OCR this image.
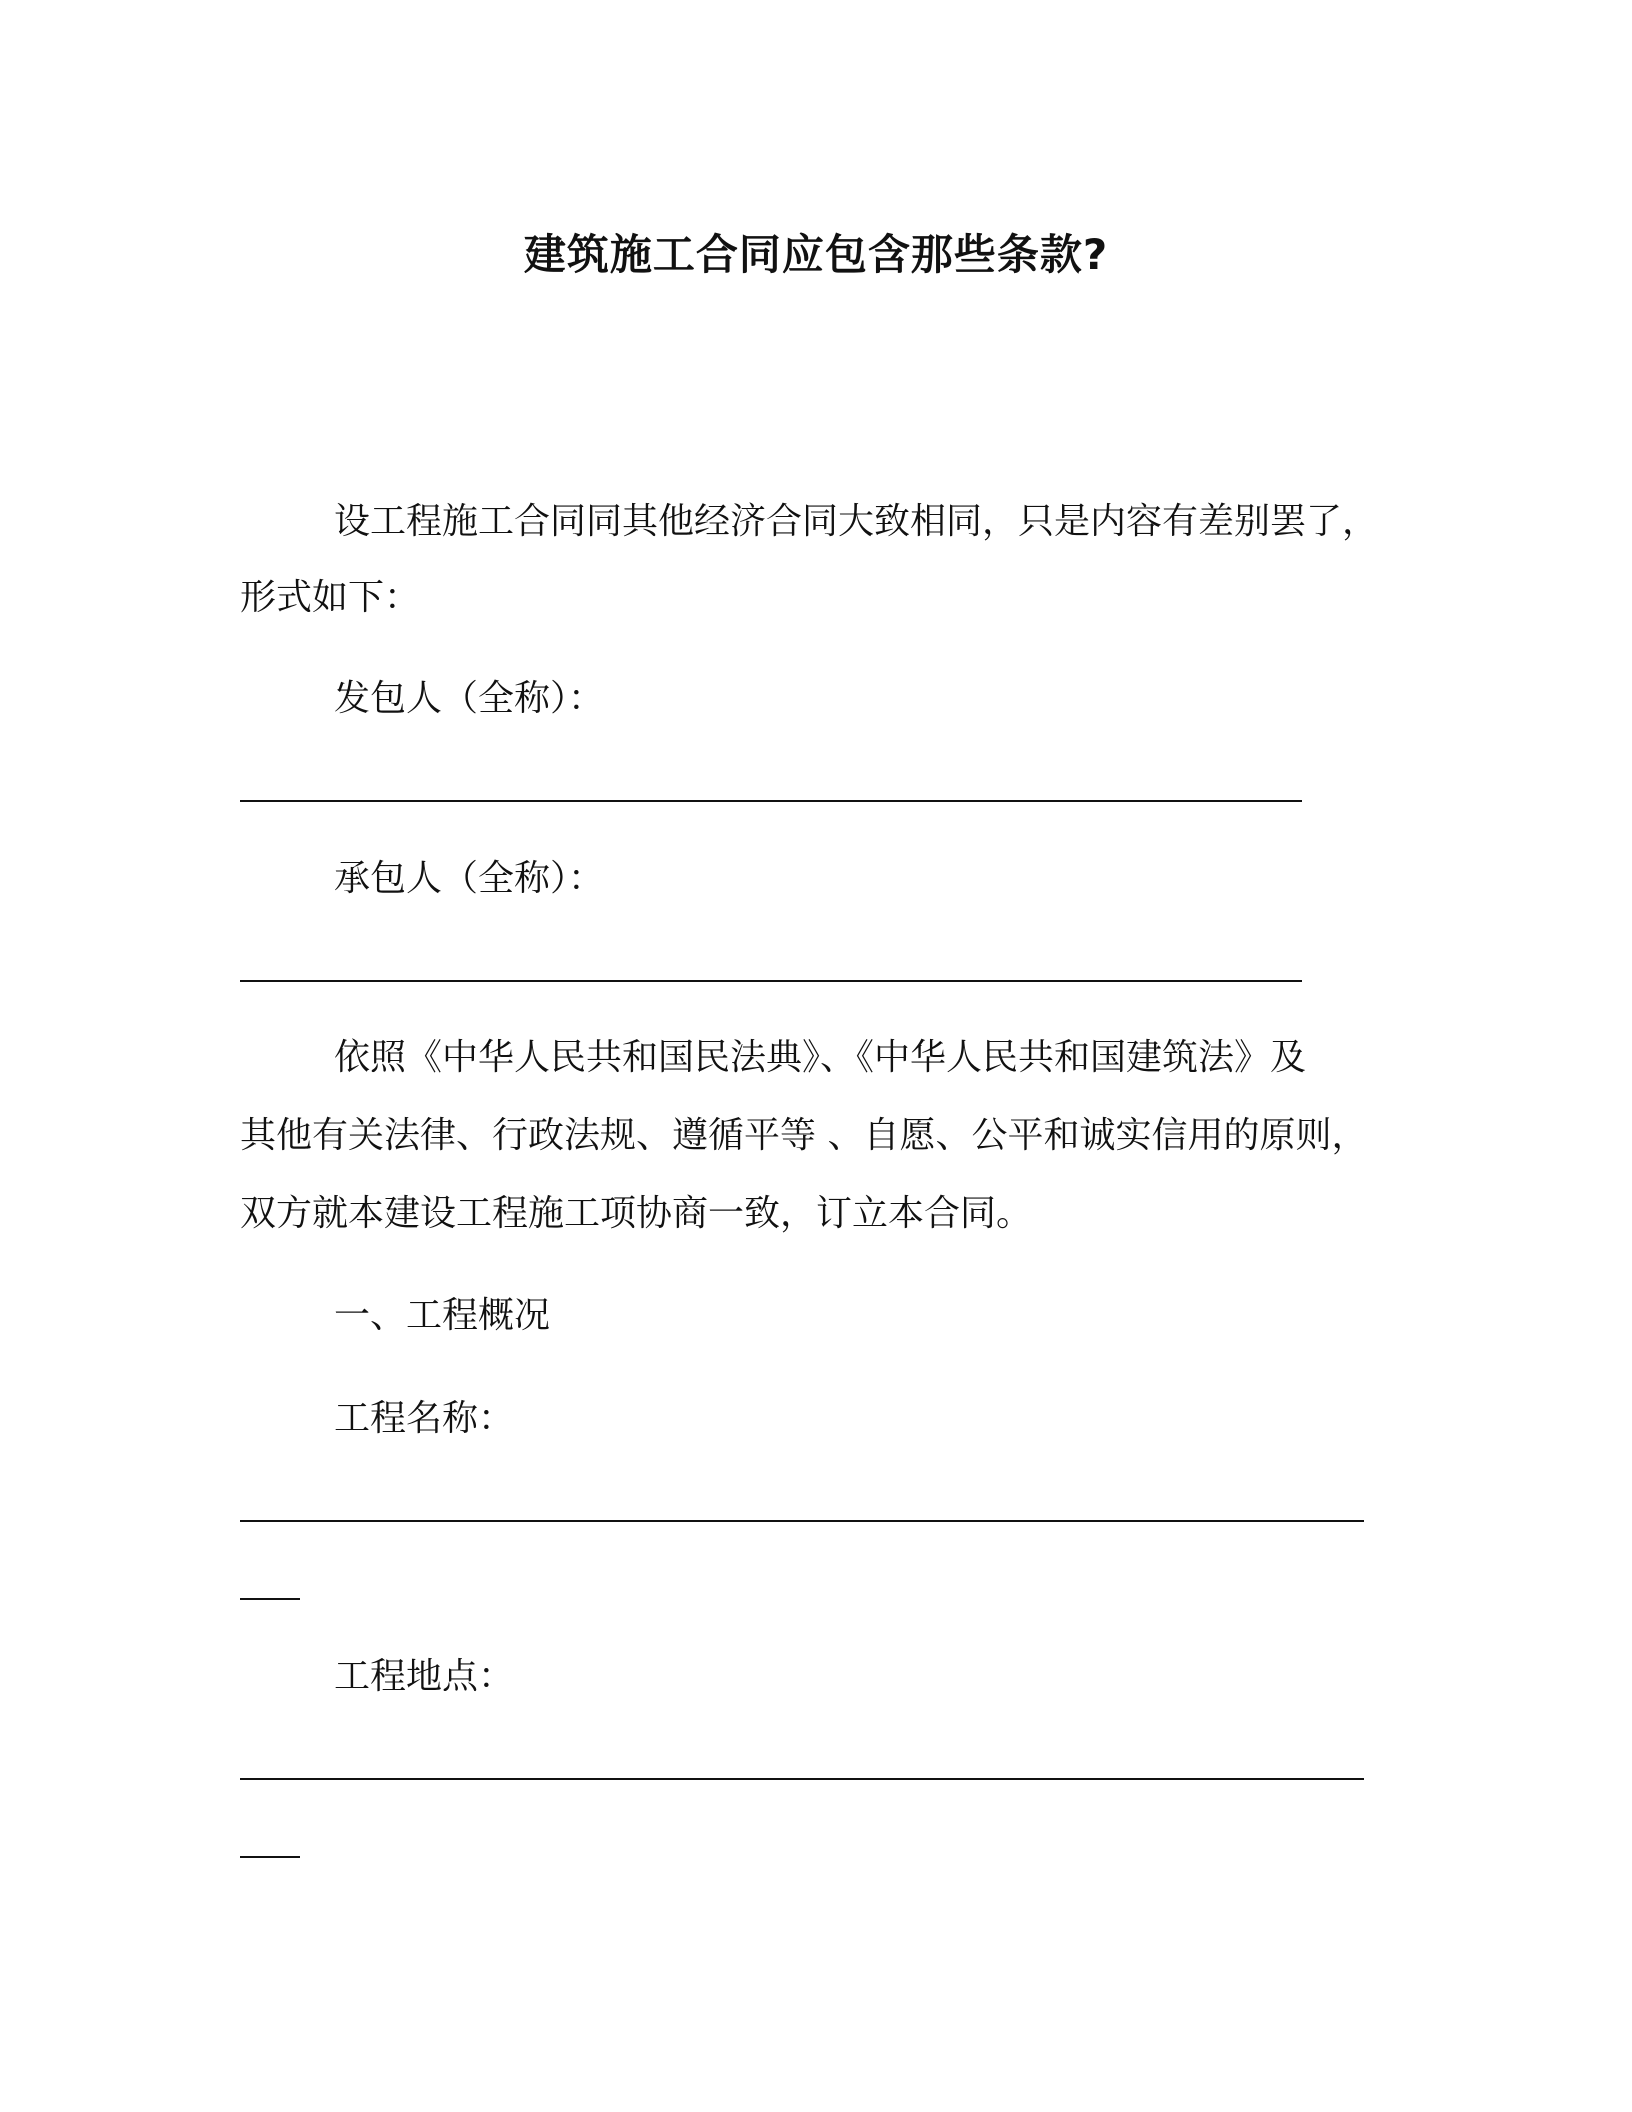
建筑施工合同应包含那些条款?
设工程施工合同同其他经济合同大致相同，只是内容有差别罢了，
形式如下：
发包人（全称）：
承包人（全称）：
依照《中华人民共和国民法典》、《中华人民共和国建筑法》及
其他有关法律、行政法规、遵循平等 、自愿、公平和诚实信用的原则，
双方就本建设工程施工项协商一致，订立本合同。
一、工程概况
工程名称：
工程地点：
